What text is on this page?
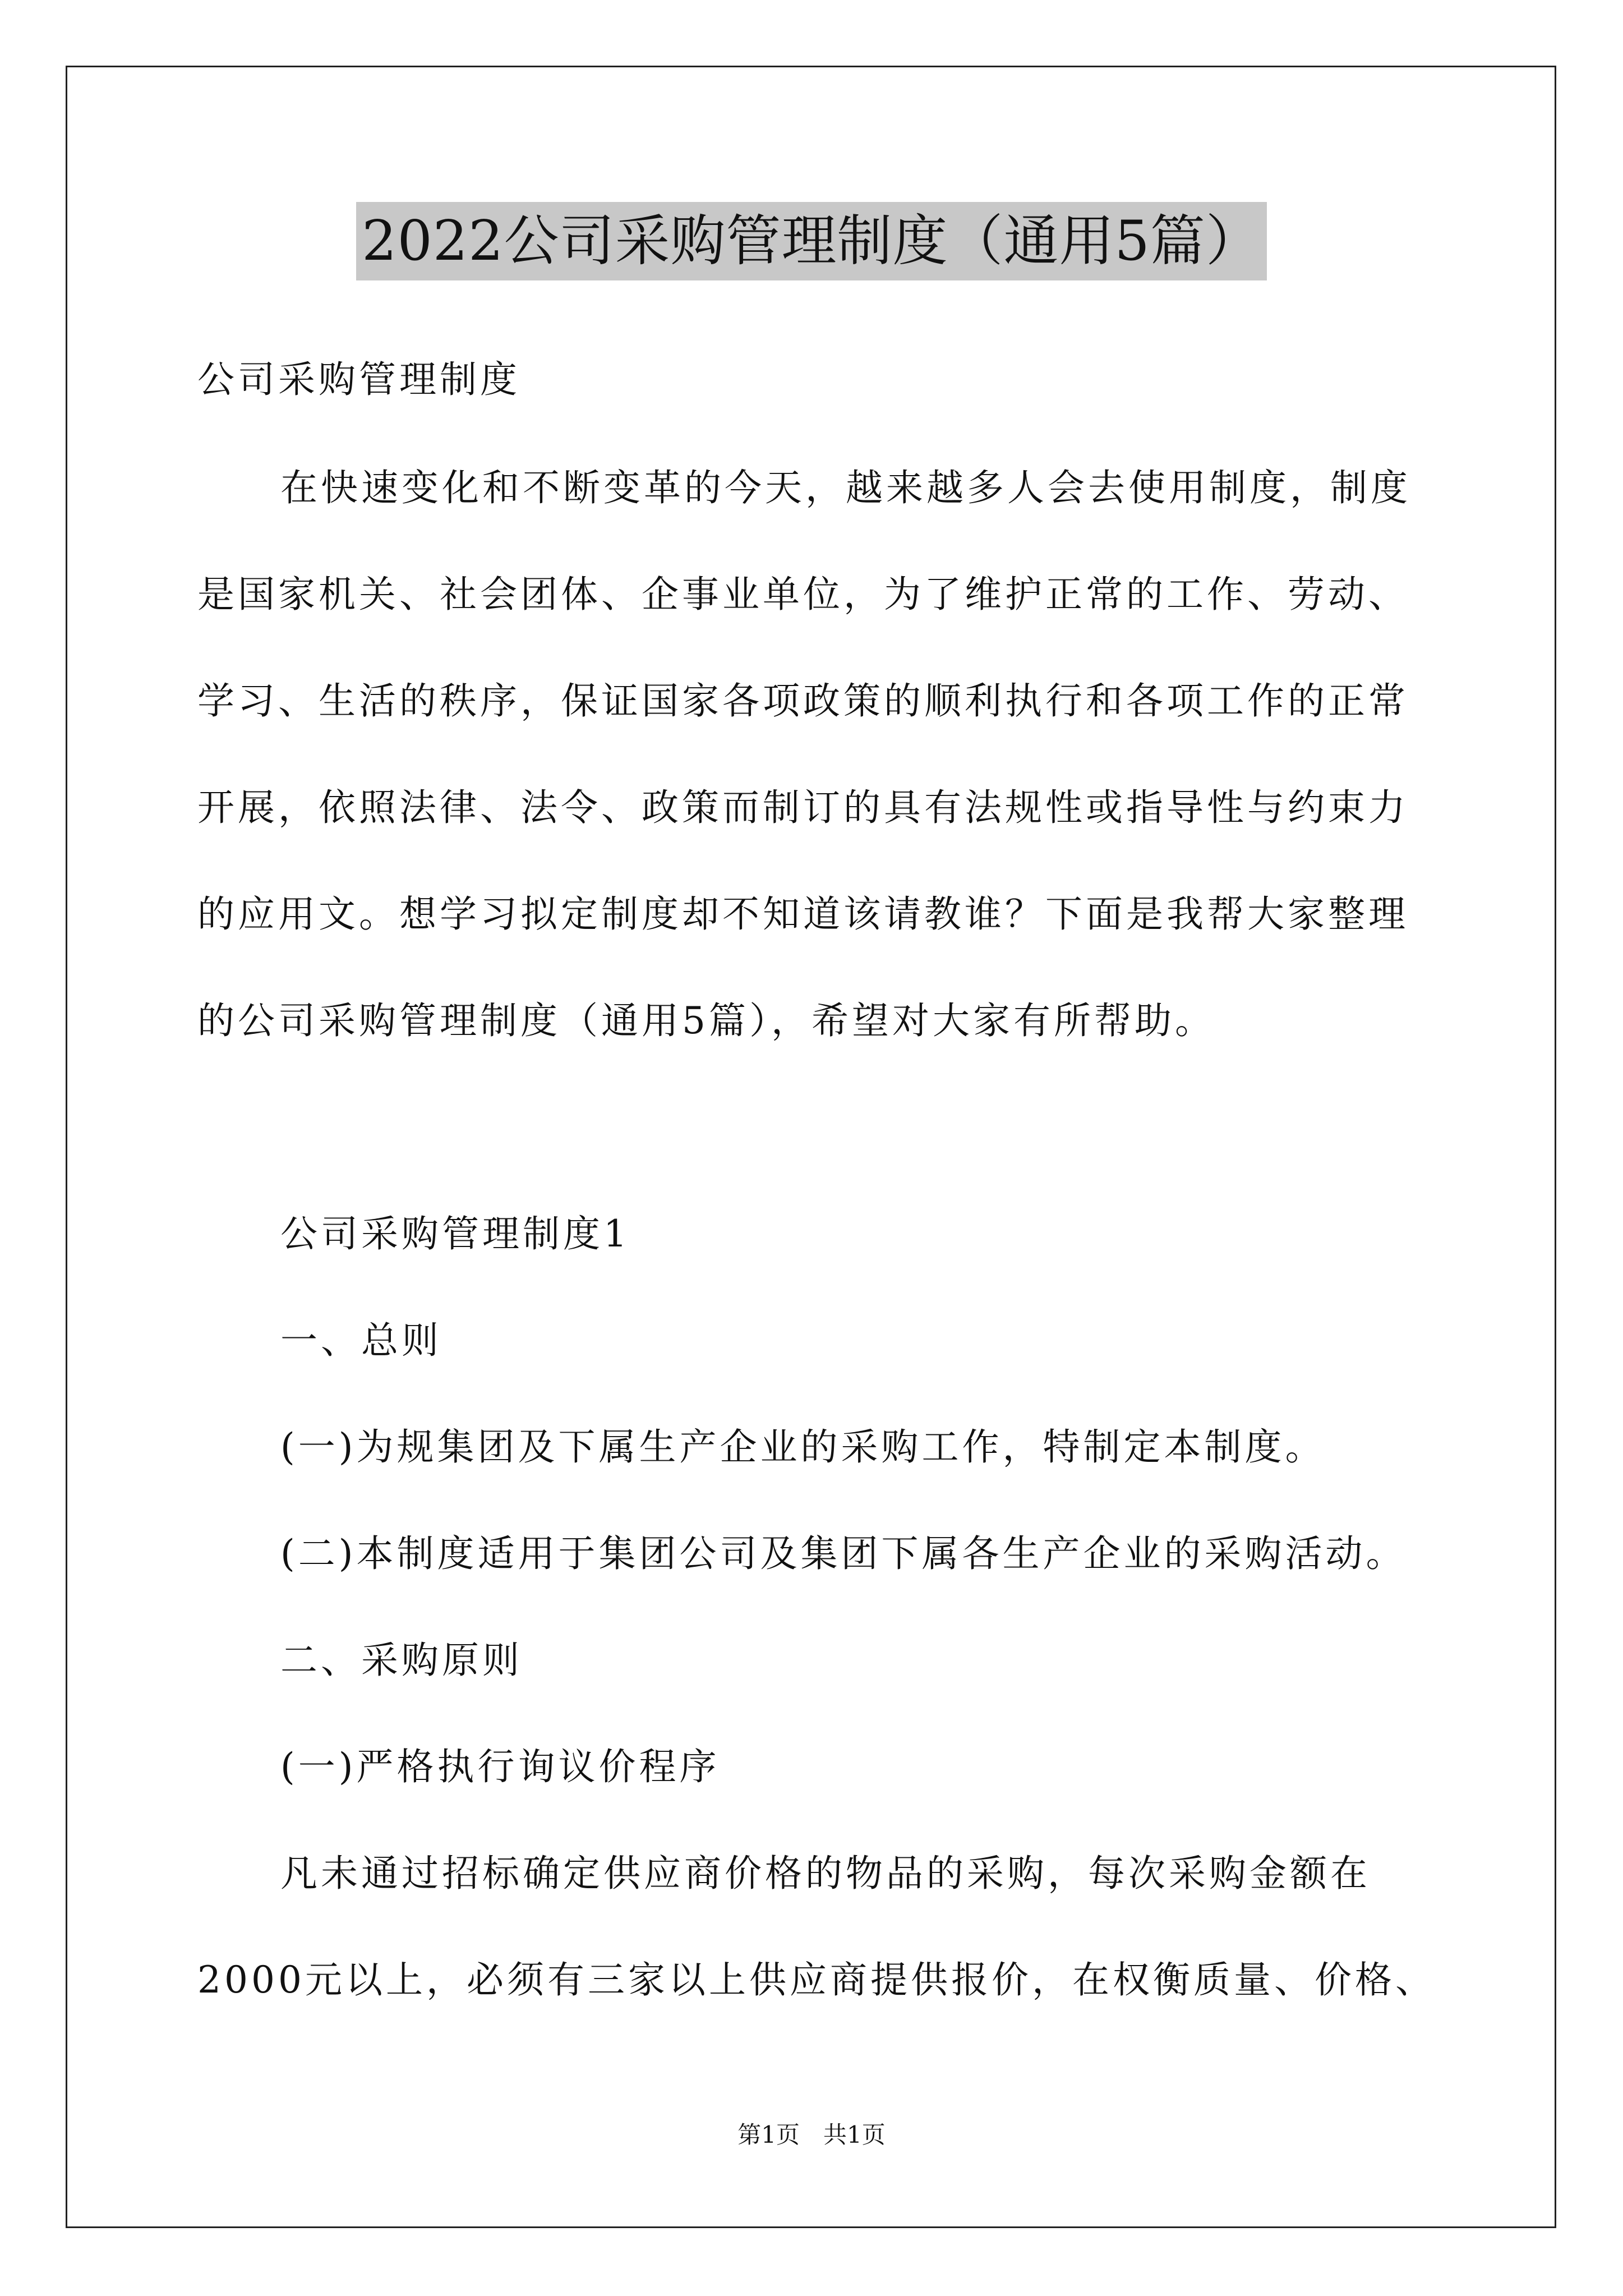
2022公司采购管理制度（通用5篇）
公司采购管理制度
在快速变化和不断变革的今天，越来越多人会去使用制度，制度
是国家机关、社会团体、企事业单位，为了维护正常的工作、劳动、
学习、生活的秩序，保证国家各项政策的顺利执行和各项工作的正常
开展，依照法律、法令、政策而制订的具有法规性或指导性与约束力
的应用文。想学习拟定制度却不知道该请教谁？下面是我帮大家整理
的公司采购管理制度（通用5篇），希望对大家有所帮助。
公司采购管理制度1
一、总则
(一)为规集团及下属生产企业的采购工作，特制定本制度。
(二)本制度适用于集团公司及集团下属各生产企业的采购活动。
二、采购原则
(一)严格执行询议价程序
凡未通过招标确定供应商价格的物品的采购，每次采购金额在
2000元以上，必须有三家以上供应商提供报价，在权衡质量、价格、
第1页　共1页
